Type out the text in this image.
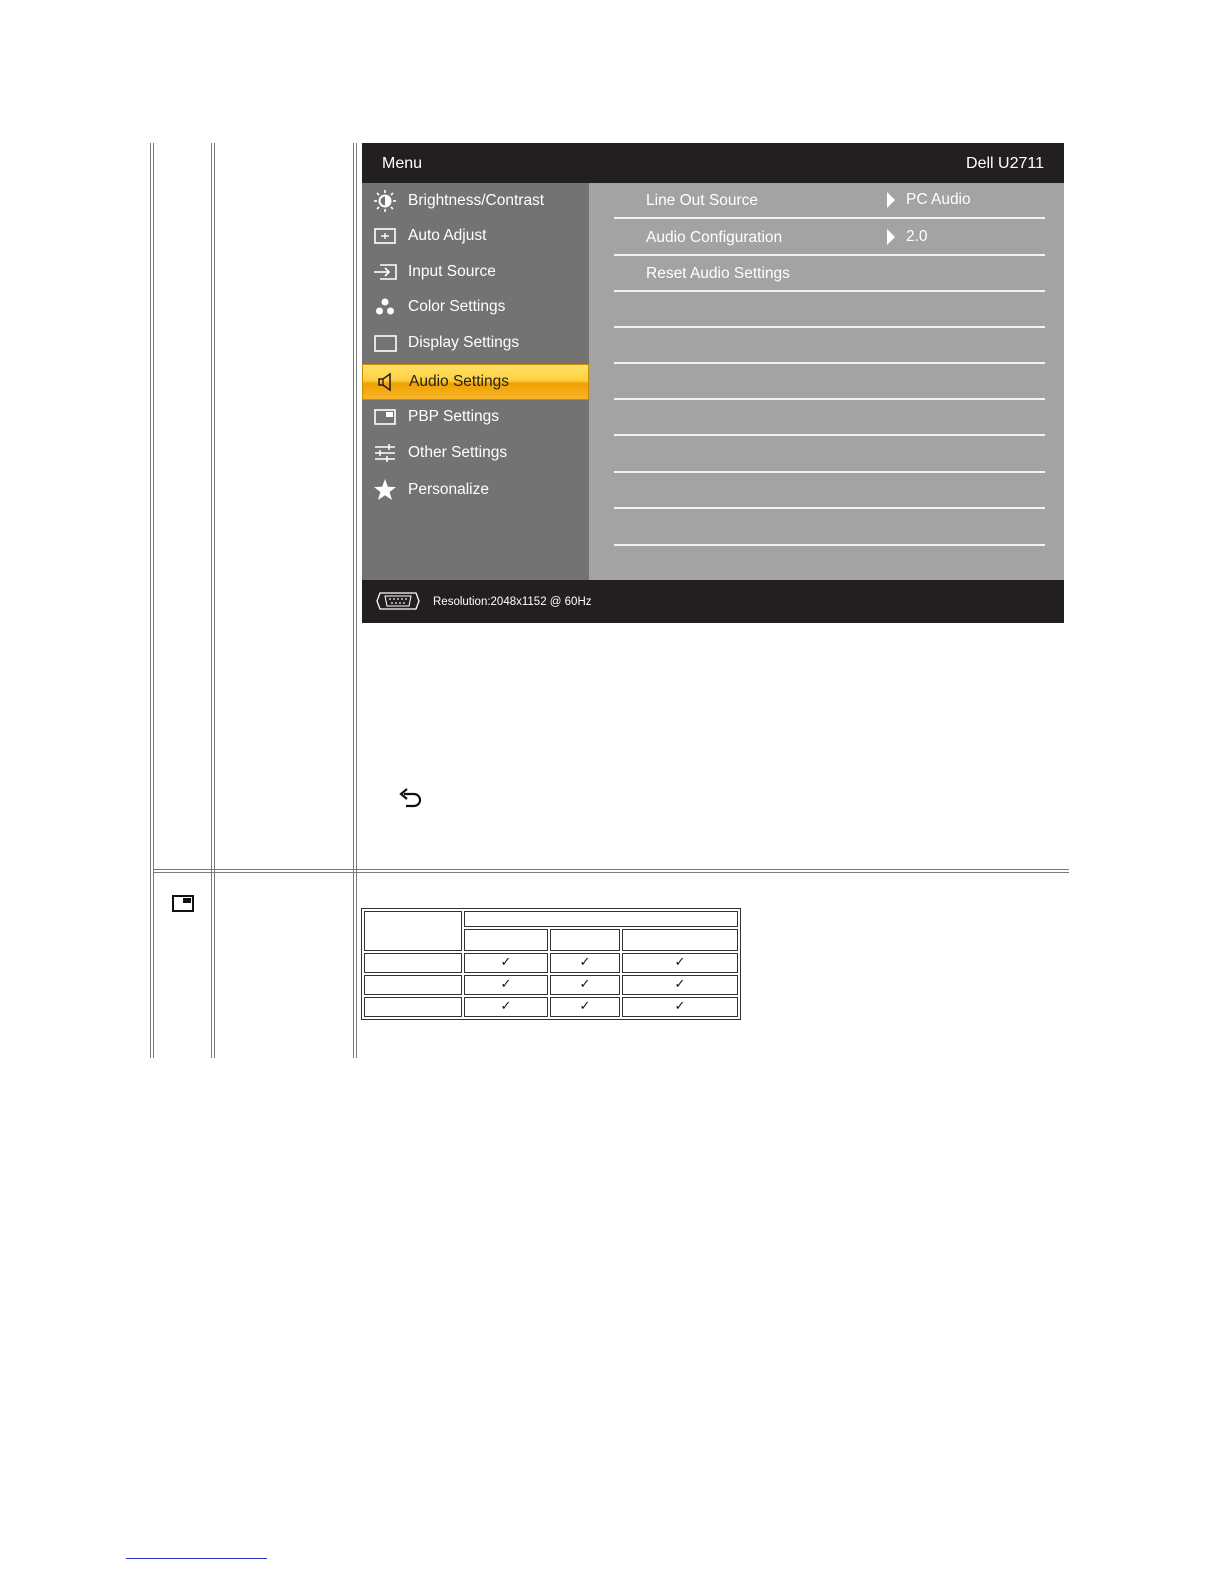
Menu	Dell U2711
Brightness/Contrast
Auto Adjust
Input Source
Color Settings
Display Settings
Audio Settings
PBP Settings
Other Settings
Personalize
Line Out Source	PC Audio
Audio Configuration	2.0
Reset Audio Settings
Resolution:2048x1152 @ 60Hz
✓	✓	✓
✓	✓	✓
✓	✓	✓
